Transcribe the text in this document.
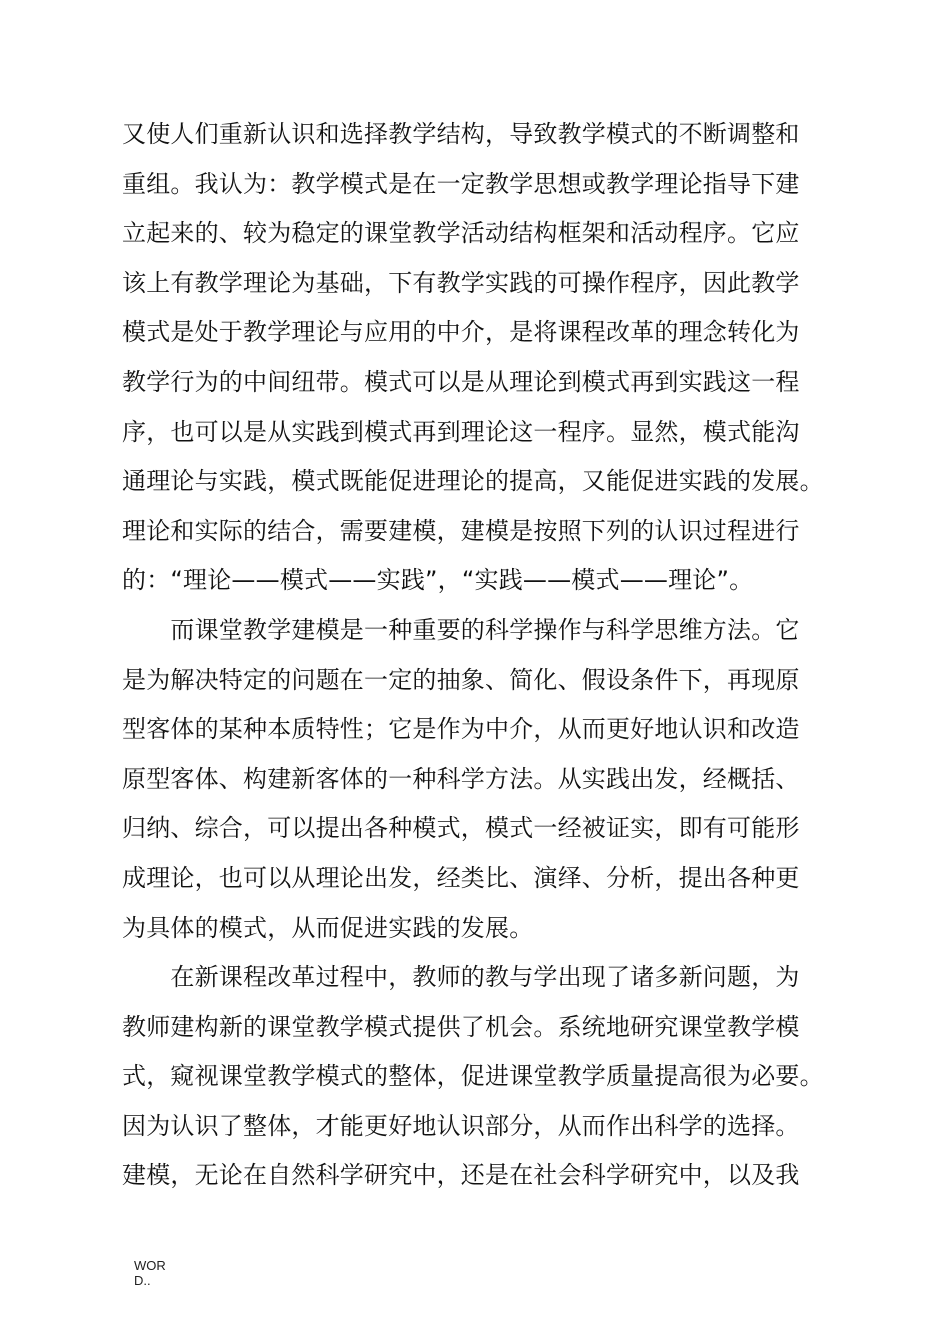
又使人们重新认识和选择教学结构，导致教学模式的不断调整和
重组。我认为：教学模式是在一定教学思想或教学理论指导下建
立起来的、较为稳定的课堂教学活动结构框架和活动程序。它应
该上有教学理论为基础，下有教学实践的可操作程序，因此教学
模式是处于教学理论与应用的中介，是将课程改革的理念转化为
教学行为的中间纽带。模式可以是从理论到模式再到实践这一程
序，也可以是从实践到模式再到理论这一程序。显然，模式能沟
通理论与实践，模式既能促进理论的提高，又能促进实践的发展。
理论和实际的结合，需要建模，建模是按照下列的认识过程进行
的：“理论——模式——实践”，“实践——模式——理论”。
　　而课堂教学建模是一种重要的科学操作与科学思维方法。它
是为解决特定的问题在一定的抽象、简化、假设条件下，再现原
型客体的某种本质特性；它是作为中介，从而更好地认识和改造
原型客体、构建新客体的一种科学方法。从实践出发，经概括、
归纳、综合，可以提出各种模式，模式一经被证实，即有可能形
成理论，也可以从理论出发，经类比、演绎、分析，提出各种更
为具体的模式，从而促进实践的发展。
　　在新课程改革过程中，教师的教与学出现了诸多新问题，为
教师建构新的课堂教学模式提供了机会。系统地研究课堂教学模
式，窥视课堂教学模式的整体，促进课堂教学质量提高很为必要。
因为认识了整体，才能更好地认识部分，从而作出科学的选择。
建模，无论在自然科学研究中，还是在社会科学研究中，以及我
WOR
D..
